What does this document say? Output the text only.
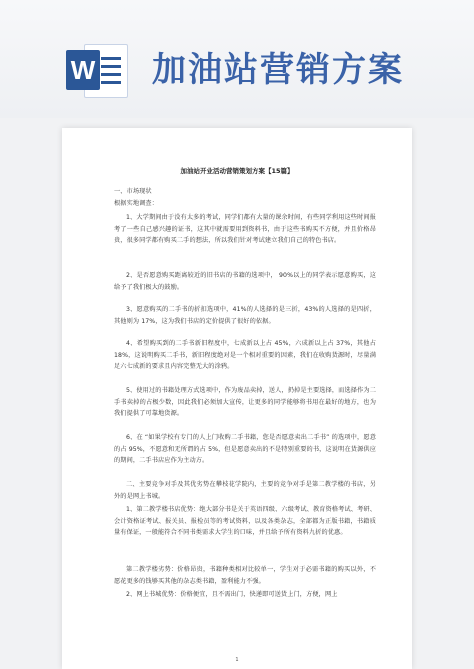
W 加油站营销方案
加油站开业活动营销策划方案【15篇】
一、市场现状
根据实地调查：
1、大学期间由于没有太多的考试，同学们都有大量的课余时间，有些同学利用这些时间报考了一些自己感兴趣的证书，这其中就需要用到资料书，由于这些书购买不方便，并且价格昂贵，很多同学都有购买二手的想法，所以我们针对考试建立我们自己的特色书店。
2、是否愿意购买距离较近的旧书店的书籍的选项中， 90%以上的同学表示愿意购买，这给予了我们极大的鼓励。
3、愿意购买的二手书的折扣选项中，41%的人选择的是三折，43%的人选择的是四折，其他则为 17%，这为我们书店的定价提供了很好的依据。
4、希望购买到的二手书新旧程度中，七成新以上占 45%，六成新以上占 37%，其他占 18%，这说明购买二手书，新旧程度绝对是一个相对重要的因素，我们在收购货源时，尽量满足六七成新的要求且内容完整无大的涂鸦。
5、使用过的书籍处理方式选项中，作为废品卖掉，送人，扔掉是主要选择，而选择作为二手书卖掉的占极少数，因此我们必须加大宣传，让更多的同学能够将书用在最好的地方，也为我们提供了可靠地货源。
6、在 “如果学校有专门的人上门收购二手书籍，您是否愿意卖出二手书” 的选项中，愿意的占 95%，不愿意和无所谓的占 5%，但是愿意卖出的不是特别重要的书，这说明在货源供应的期间，二手书店应作为主动方。
二、主要竞争对手及其优劣势在攀枝花学院内，主要的竞争对手是第二教学楼的书店，另外的是网上书城。
1、第二教学楼书店优势：绝大部分书是关于英语四级、六级考试、教育资格考试、考研、会计资格证考试、报关员、报检员等的考试资料，以及各类杂志，全部都为正版书籍，书籍质量有保证，一般能符合不同书类需求大学生的口味，并且给予所有资料九折的优惠。
第二教学楼劣势：价格昂贵，书籍种类相对比较单一，学生对于必需书籍的购买以外，不愿花更多的钱够买其他的杂志类书籍，盈利能力不强。
2、网上书城优势：价格便宜，且不需出门，快递即可送货上门，方便，网上
1
